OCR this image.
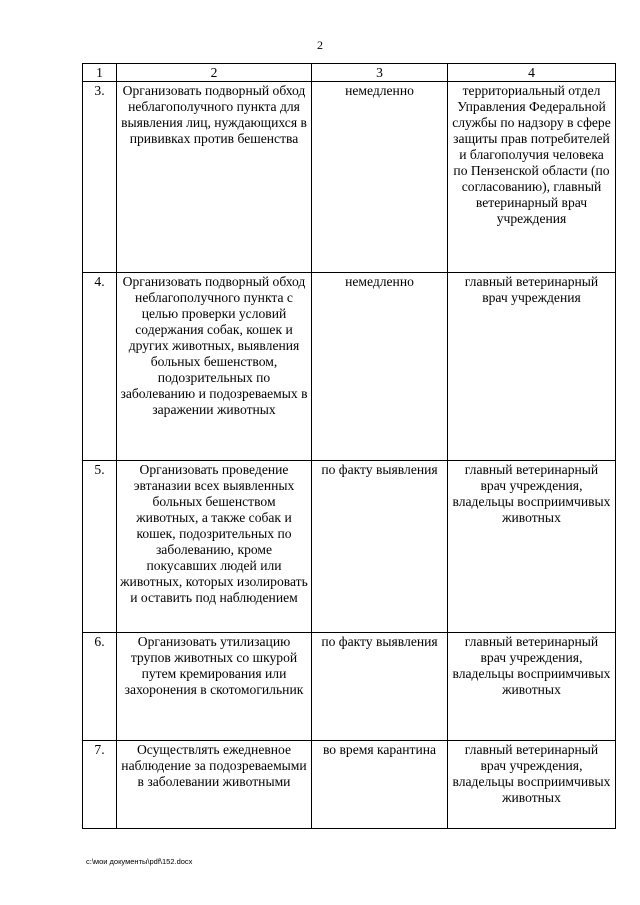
2
1	2	3	4
3.	Организовать подворный обход неблагополучного пункта для выявления лиц, нуждающихся в прививках против бешенства	немедленно	территориальный отдел Управления Федеральной службы по надзору в сфере защиты прав потребителей и благополучия человека по Пензенской области (по согласованию), главный ветеринарный врач учреждения
4.	Организовать подворный обход неблагополучного пункта с целью проверки условий содержания собак, кошек и других животных, выявления больных бешенством, подозрительных по заболеванию и подозреваемых в заражении животных	немедленно	главный ветеринарный врач учреждения
5.	Организовать проведение эвтаназии всех выявленных больных бешенством животных, а также собак и кошек, подозрительных по заболеванию, кроме покусавших людей или животных, которых изолировать и оставить под наблюдением	по факту выявления	главный ветеринарный врач учреждения, владельцы восприимчивых животных
6.	Организовать утилизацию трупов животных со шкурой путем кремирования или захоронения в скотомогильник	по факту выявления	главный ветеринарный врач учреждения, владельцы восприимчивых животных
7.	Осуществлять ежедневное наблюдение за подозреваемыми в заболевании животными	во время карантина	главный ветеринарный врач учреждения, владельцы восприимчивых животных
c:\мои документы\pdf\152.docx
